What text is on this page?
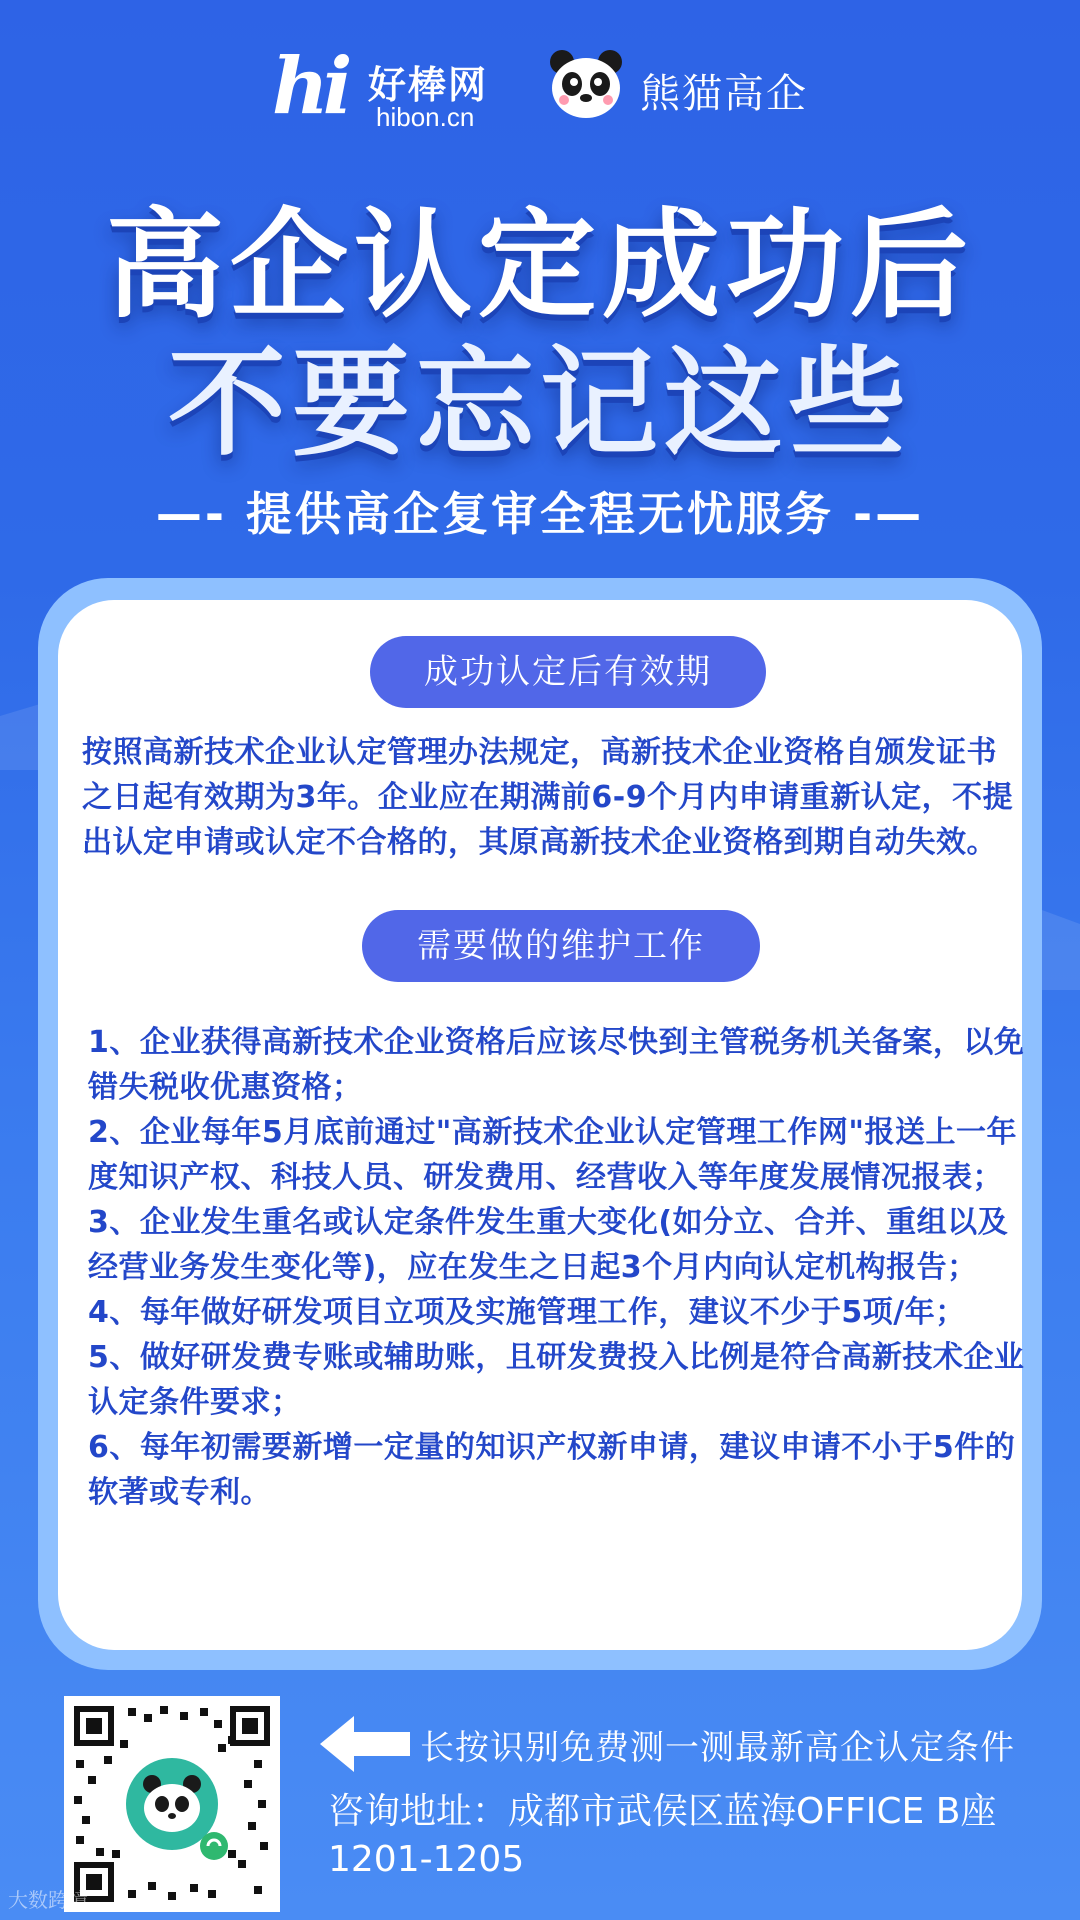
hi 好棒网
hibon.cn	熊猫高企
高企认定成功后
不要忘记这些
—- 提供高企复审全程无忧服务 -—
成功认定后有效期
按照高新技术企业认定管理办法规定，高新技术企业资格自颁发证书之日起有效期为3年。企业应在期满前6-9个月内申请重新认定，不提出认定申请或认定不合格的，其原高新技术企业资格到期自动失效。
需要做的维护工作
1、企业获得高新技术企业资格后应该尽快到主管税务机关备案，以免错失税收优惠资格；
2、企业每年5月底前通过"高新技术企业认定管理工作网"报送上一年度知识产权、科技人员、研发费用、经营收入等年度发展情况报表；
3、企业发生重名或认定条件发生重大变化(如分立、合并、重组以及经营业务发生变化等)，应在发生之日起3个月内向认定机构报告；
4、每年做好研发项目立项及实施管理工作，建议不少于5项/年；
5、做好研发费专账或辅助账，且研发费投入比例是符合高新技术企业认定条件要求；
6、每年初需要新增一定量的知识产权新申请，建议申请不小于5件的软著或专利。
长按识别免费测一测最新高企认定条件
咨询地址：成都市武侯区蓝海OFFICE B座
1201-1205
大数跨境
